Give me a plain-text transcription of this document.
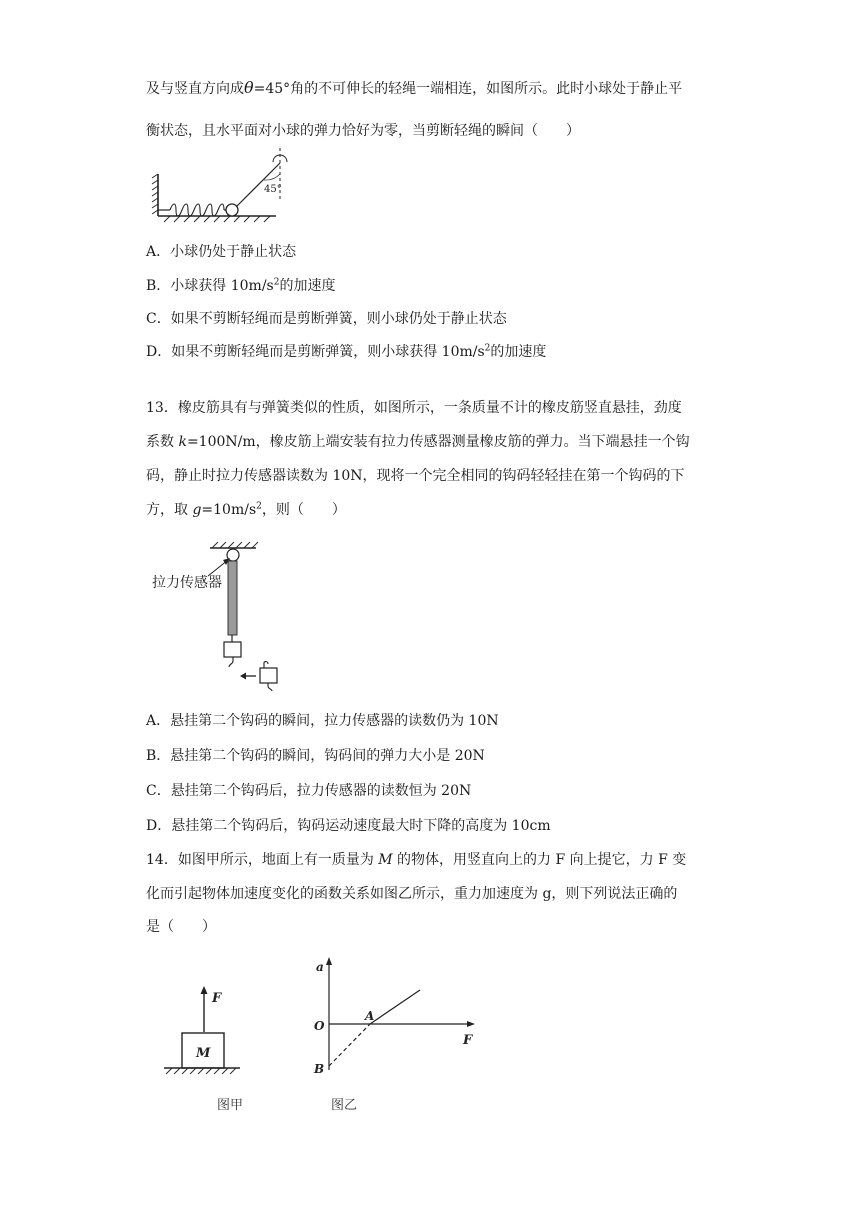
及与竖直方向成θ=45°角的不可伸长的轻绳一端相连，如图所示。此时小球处于静止平
衡状态，且水平面对小球的弹力恰好为零，当剪断轻绳的瞬间（　　）
45°
A．小球仍处于静止状态
B．小球获得 $10m/s^2$的加速度
C．如果不剪断轻绳而是剪断弹簧，则小球仍处于静止状态
D．如果不剪断轻绳而是剪断弹簧，则小球获得 $10m/s^2$的加速度
13．橡皮筋具有与弹簧类似的性质，如图所示，一条质量不计的橡皮筋竖直悬挂，劲度
系数 k=100N/m，橡皮筋上端安装有拉力传感器测量橡皮筋的弹力。当下端悬挂一个钩
码，静止时拉力传感器读数为 10N，现将一个完全相同的钩码轻轻挂在第一个钩码的下
方，取 $g=10m/s^2$，则（　　）
拉力传感器
A．悬挂第二个钩码的瞬间，拉力传感器的读数仍为 10N
B．悬挂第二个钩码的瞬间，钩码间的弹力大小是 20N
C．悬挂第二个钩码后，拉力传感器的读数恒为 20N
D．悬挂第二个钩码后，钩码运动速度最大时下降的高度为 10cm
14．如图甲所示，地面上有一质量为 M 的物体，用竖直向上的力 F 向上提它，力 F 变
化而引起物体加速度变化的函数关系如图乙所示，重力加速度为 g，则下列说法正确的
是（　　）
F
M
图甲
a
F
O
A
B
图乙
